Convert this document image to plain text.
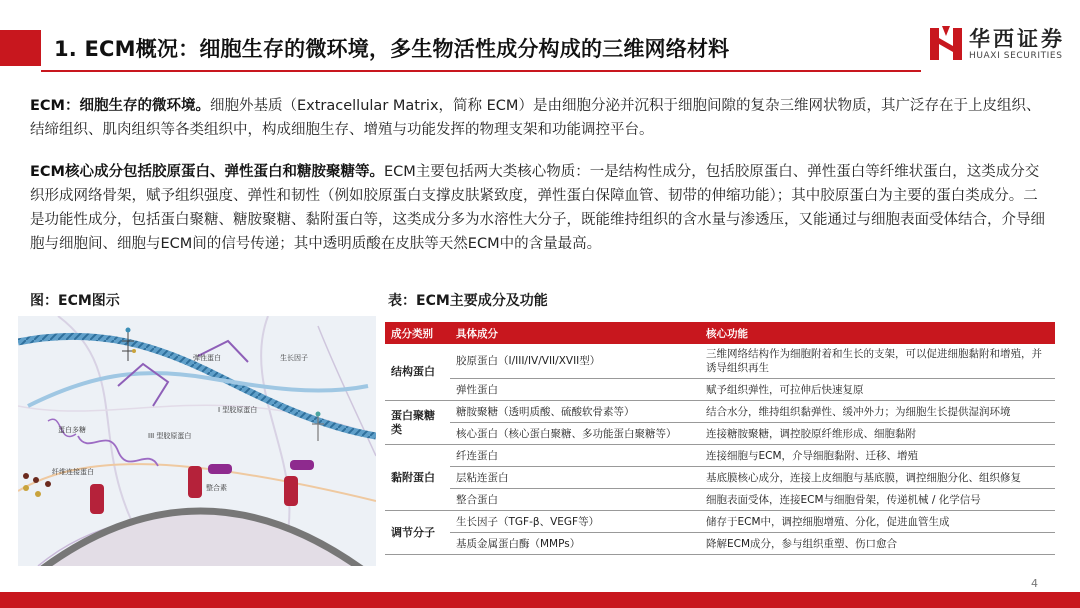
1. ECM概况：细胞生存的微环境，多生物活性成分构成的三维网络材料	华西证券
HUAXI SECURITIES
ECM：细胞生存的微环境。细胞外基质（Extracellular Matrix，简称 ECM）是由细胞分泌并沉积于细胞间隙的复杂三维网状物质，其广泛存在于上皮组织、结缔组织、肌肉组织等各类组织中，构成细胞生存、增殖与功能发挥的物理支架和功能调控平台。
ECM核心成分包括胶原蛋白、弹性蛋白和糖胺聚糖等。ECM主要包括两大类核心物质：一是结构性成分，包括胶原蛋白、弹性蛋白等纤维状蛋白，这类成分交织形成网络骨架，赋予组织强度、弹性和韧性（例如胶原蛋白支撑皮肤紧致度，弹性蛋白保障血管、韧带的伸缩功能）；其中胶原蛋白为主要的蛋白类成分。二是功能性成分，包括蛋白聚糖、糖胺聚糖、黏附蛋白等，这类成分多为水溶性大分子，既能维持组织的含水量与渗透压，又能通过与细胞表面受体结合，介导细胞与细胞间、细胞与ECM间的信号传递；其中透明质酸在皮肤等天然ECM中的含量最高。
图：ECM图示	表：ECM主要成分及功能
弹性蛋白	生长因子
I 型胶原蛋白
III 型胶原蛋白
蛋白多糖
纤维连接蛋白
整合素
成分类别	具体成分	核心功能
结构蛋白	胶原蛋白（I/III/IV/VII/ⅩVII型）	三维网络结构作为细胞附着和生长的支架，可以促进细胞黏附和增殖，并诱导组织再生
	弹性蛋白	赋予组织弹性，可拉伸后快速复原
蛋白聚糖类	糖胺聚糖（透明质酸、硫酸软骨素等）	结合水分，维持组织黏弹性、缓冲外力；为细胞生长提供湿润环境
	核心蛋白（核心蛋白聚糖、多功能蛋白聚糖等）	连接糖胺聚糖，调控胶原纤维形成、细胞黏附
黏附蛋白	纤连蛋白	连接细胞与ECM，介导细胞黏附、迁移、增殖
	层粘连蛋白	基底膜核心成分，连接上皮细胞与基底膜，调控细胞分化、组织修复
	整合蛋白	细胞表面受体，连接ECM与细胞骨架，传递机械 / 化学信号
调节分子	生长因子（TGF-β、VEGF等）	储存于ECM中，调控细胞增殖、分化，促进血管生成
	基质金属蛋白酶（MMPs）	降解ECM成分，参与组织重塑、伤口愈合
4
